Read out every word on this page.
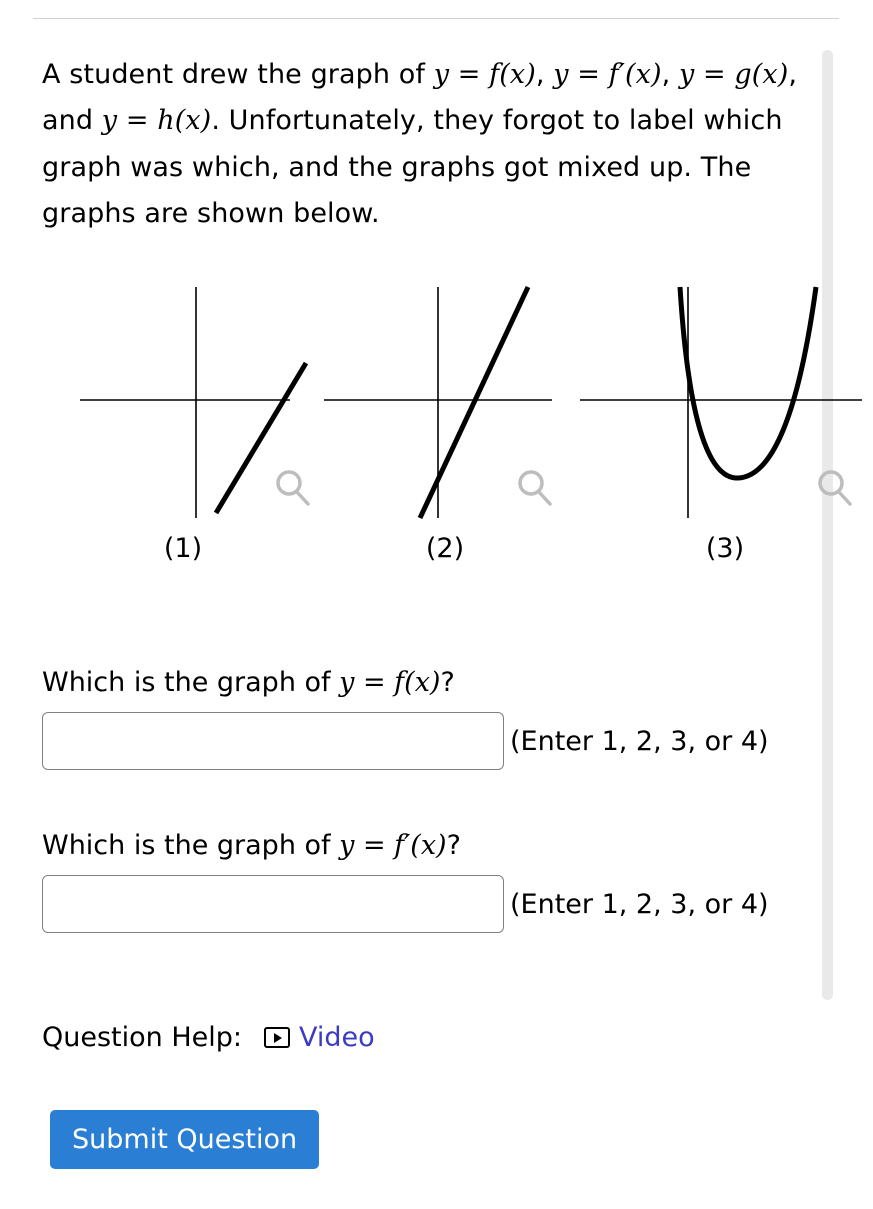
A student drew the graph of y = f(x), y = f′(x), y = g(x), and y = h(x). Unfortunately, they forgot to label which graph was which, and the graphs got mixed up. The graphs are shown below.
(1)	(2)	(3)
Which is the graph of y = f(x)?
(Enter 1, 2, 3, or 4)
Which is the graph of y = f′(x)?
(Enter 1, 2, 3, or 4)
Question Help: Video
Submit Question
